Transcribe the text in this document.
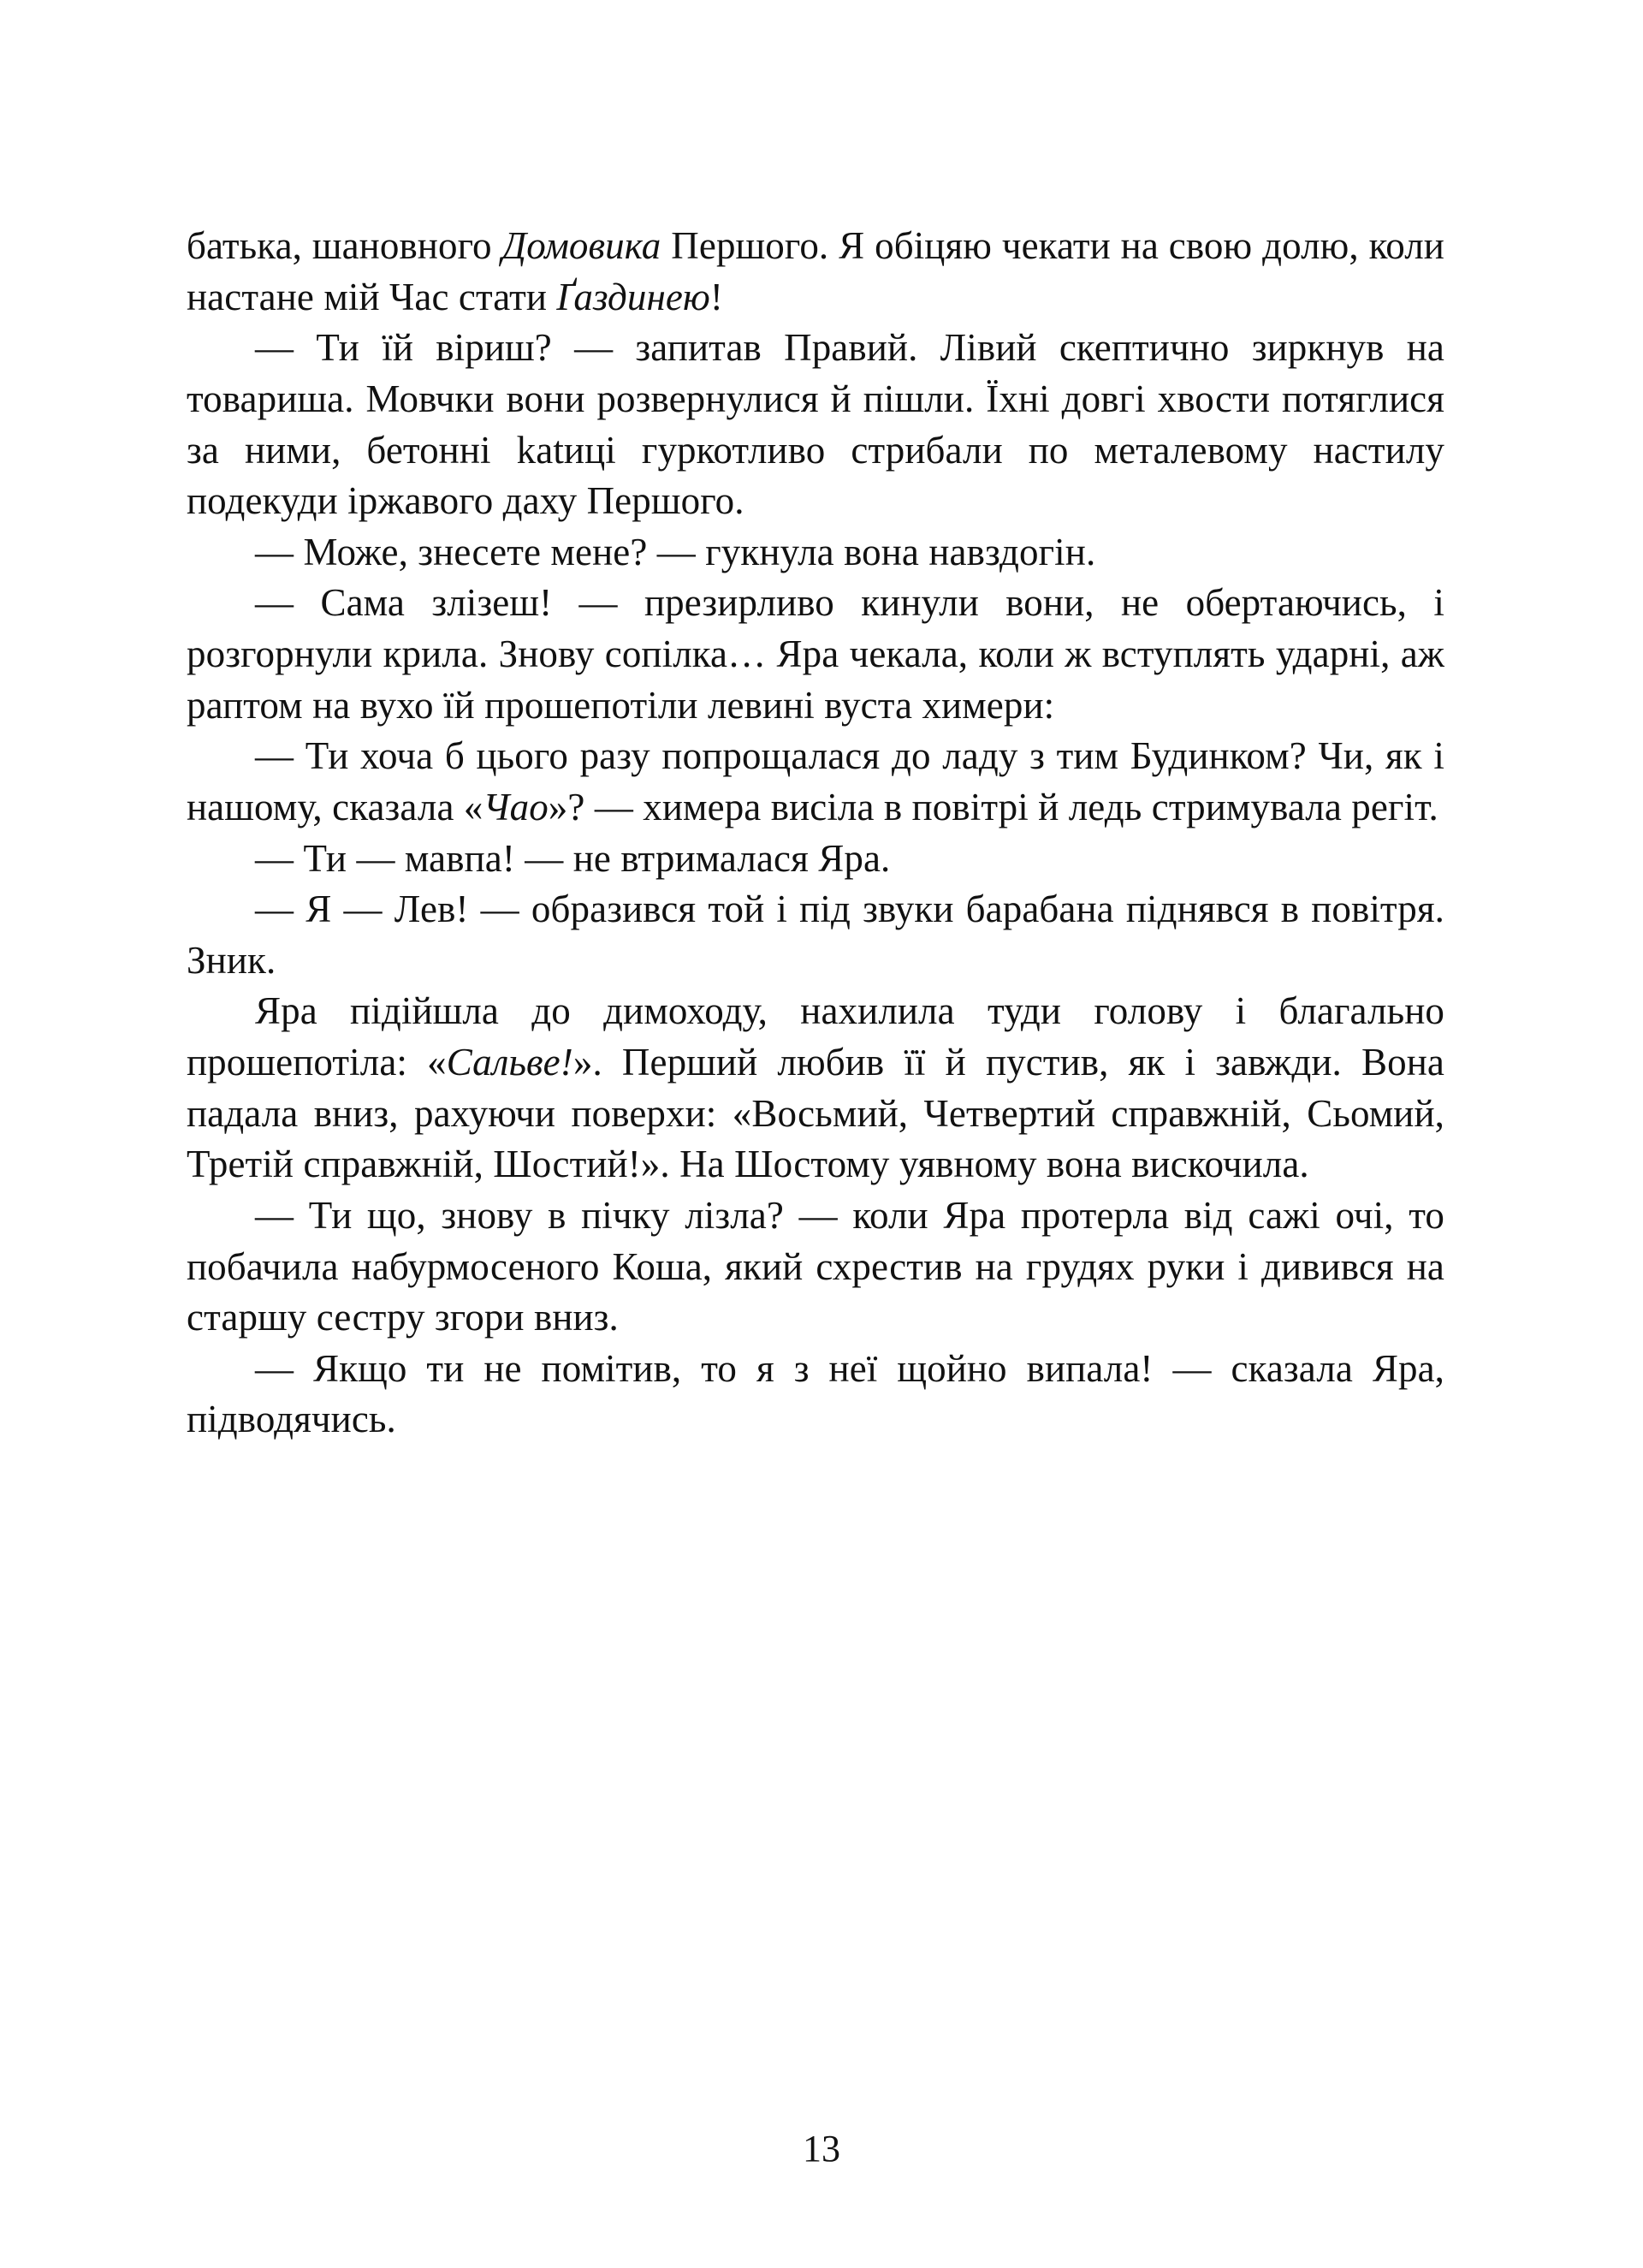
батька, шановного Домовика Першого. Я обіцяю чекати на свою долю, коли настане мій Час стати Ґаздинею!

— Ти їй віриш? — запитав Правий. Лівий скептично зиркнув на товариша. Мовчки вони розвернулися й пішли. Їхні довгі хвости потяглися за ними, бетонні katиці гуркотливо стрибали по металевому настилу подекуди іржавого даху Першого.

— Може, знесете мене? — гукнула вона навздогін.

— Сама злізеш! — презирливо кинули вони, не обертаючись, і розгорнули крила. Знову сопілка… Яра чекала, коли ж вступлять ударні, аж раптом на вухо їй прошепотіли левині вуста химери:

— Ти хоча б цього разу попрощалася до ладу з тим Будинком? Чи, як і нашому, сказала «Чао»? — химера висіла в повітрі й ледь стримувала регіт.

— Ти — мавпа! — не втрималася Яра.

— Я — Лев! — образився той і під звуки барабана піднявся в повітря. Зник.

Яра підійшла до димоходу, нахилила туди голову і благально прошепотіла: «Сальве!». Перший любив її й пустив, як і завжди. Вона падала вниз, рахуючи поверхи: «Восьмий, Четвертий справжній, Сьомий, Третій справжній, Шостий!». На Шостому уявному вона вискочила.

— Ти що, знову в пічку лізла? — коли Яра протерла від сажі очі, то побачила набурмосеного Коша, який схрестив на грудях руки і дивився на старшу сестру згори вниз.

— Якщо ти не помітив, то я з неї щойно випала! — сказала Яра, підводячись.

13
